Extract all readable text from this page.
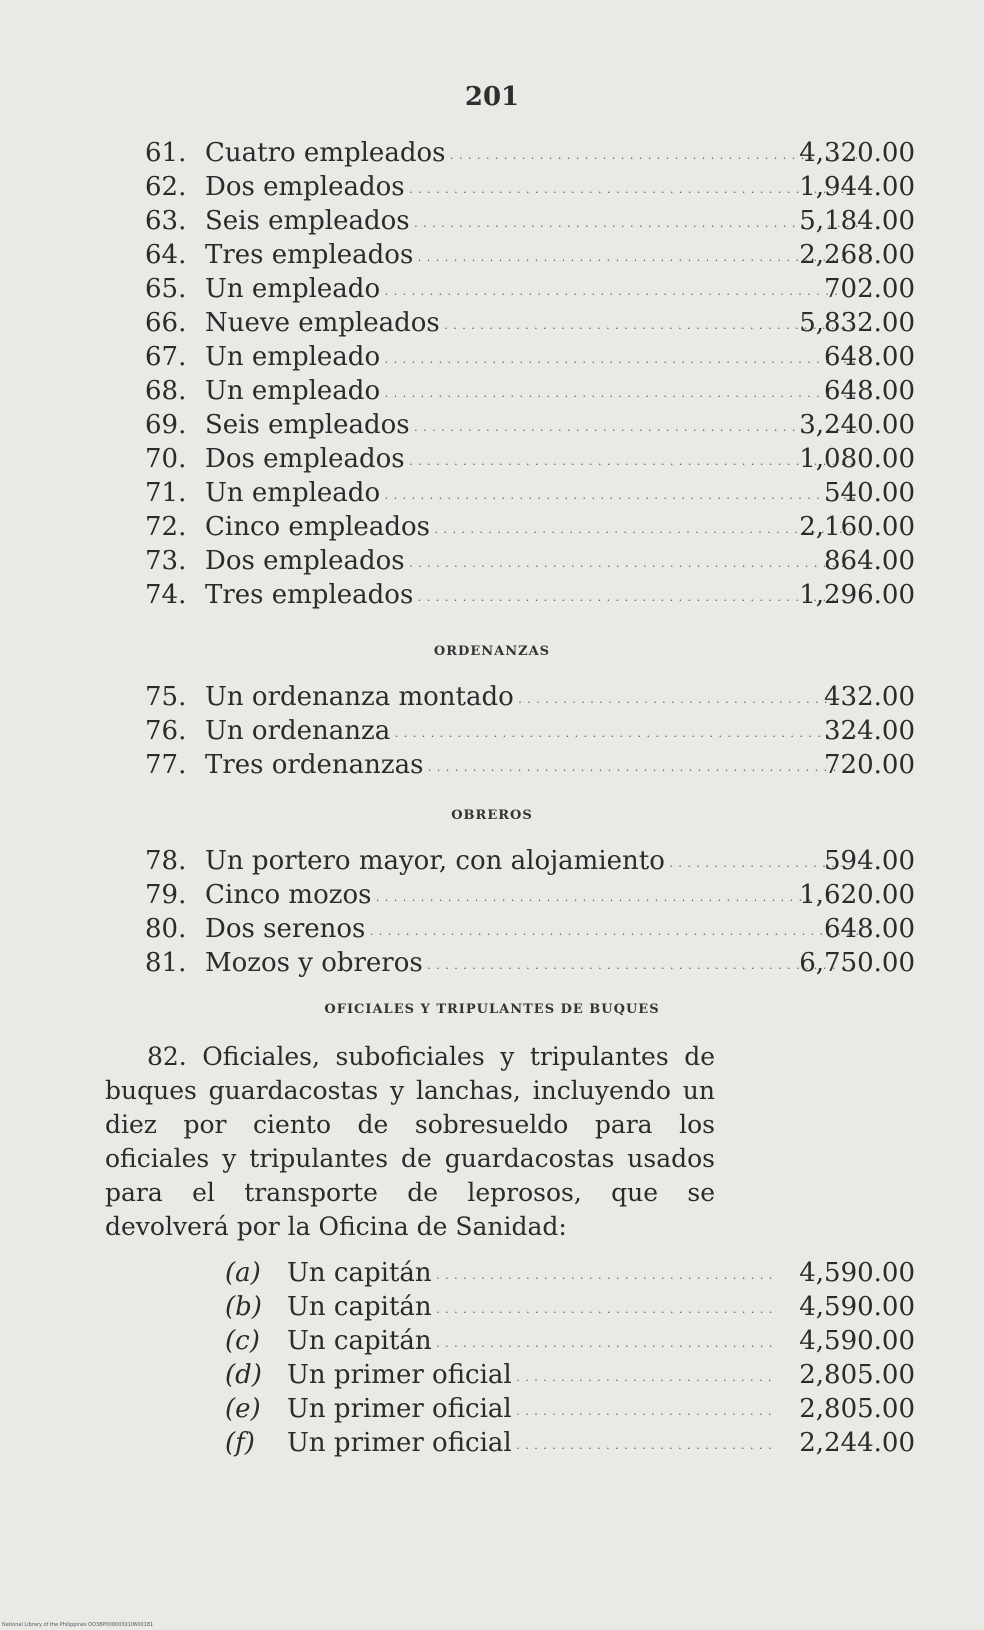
201
61. Cuatro empleados . . .	4,320.00
62. Dos empleados . . .	1,944.00
63. Seis empleados . . .	5,184.00
64. Tres empleados . . .	2,268.00
65. Un empleado . . .	702.00
66. Nueve empleados . . .	5,832.00
67. Un empleado . . .	648.00
68. Un empleado . . .	648.00
69. Seis empleados . . .	3,240.00
70. Dos empleados . . .	1,080.00
71. Un empleado . . .	540.00
72. Cinco empleados . . .	2,160.00
73. Dos empleados . . .	864.00
74. Tres empleados . . .	1,296.00
ORDENANZAS
75. Un ordenanza montado . . .	432.00
76. Un ordenanza . . .	324.00
77. Tres ordenanzas . . .	720.00
OBREROS
78. Un portero mayor, con alojamiento . . .	594.00
79. Cinco mozos . . .	1,620.00
80. Dos serenos . . .	648.00
81. Mozos y obreros . . .	6,750.00
OFICIALES Y TRIPULANTES DE BUQUES
82. Oficiales, suboficiales y tripulantes de buques guardacostas y lanchas, incluyendo un diez por ciento de sobresueldo para los oficiales y tripulantes de guardacostas usados para el transporte de leprosos, que se devolverá por la Oficina de Sanidad:
(a)	Un capitán . . .	4,590.00
(b) Un capitán . . .	4,590.00
(c)	Un capitán . . .	4,590.00
(d) Un primer oficial . . .	2,805.00
(e)	Un primer oficial . . .	2,805.00
(f)	Un primer oficial . . .	2,244.00
National Library of the Philippines DO38P000003010600181
